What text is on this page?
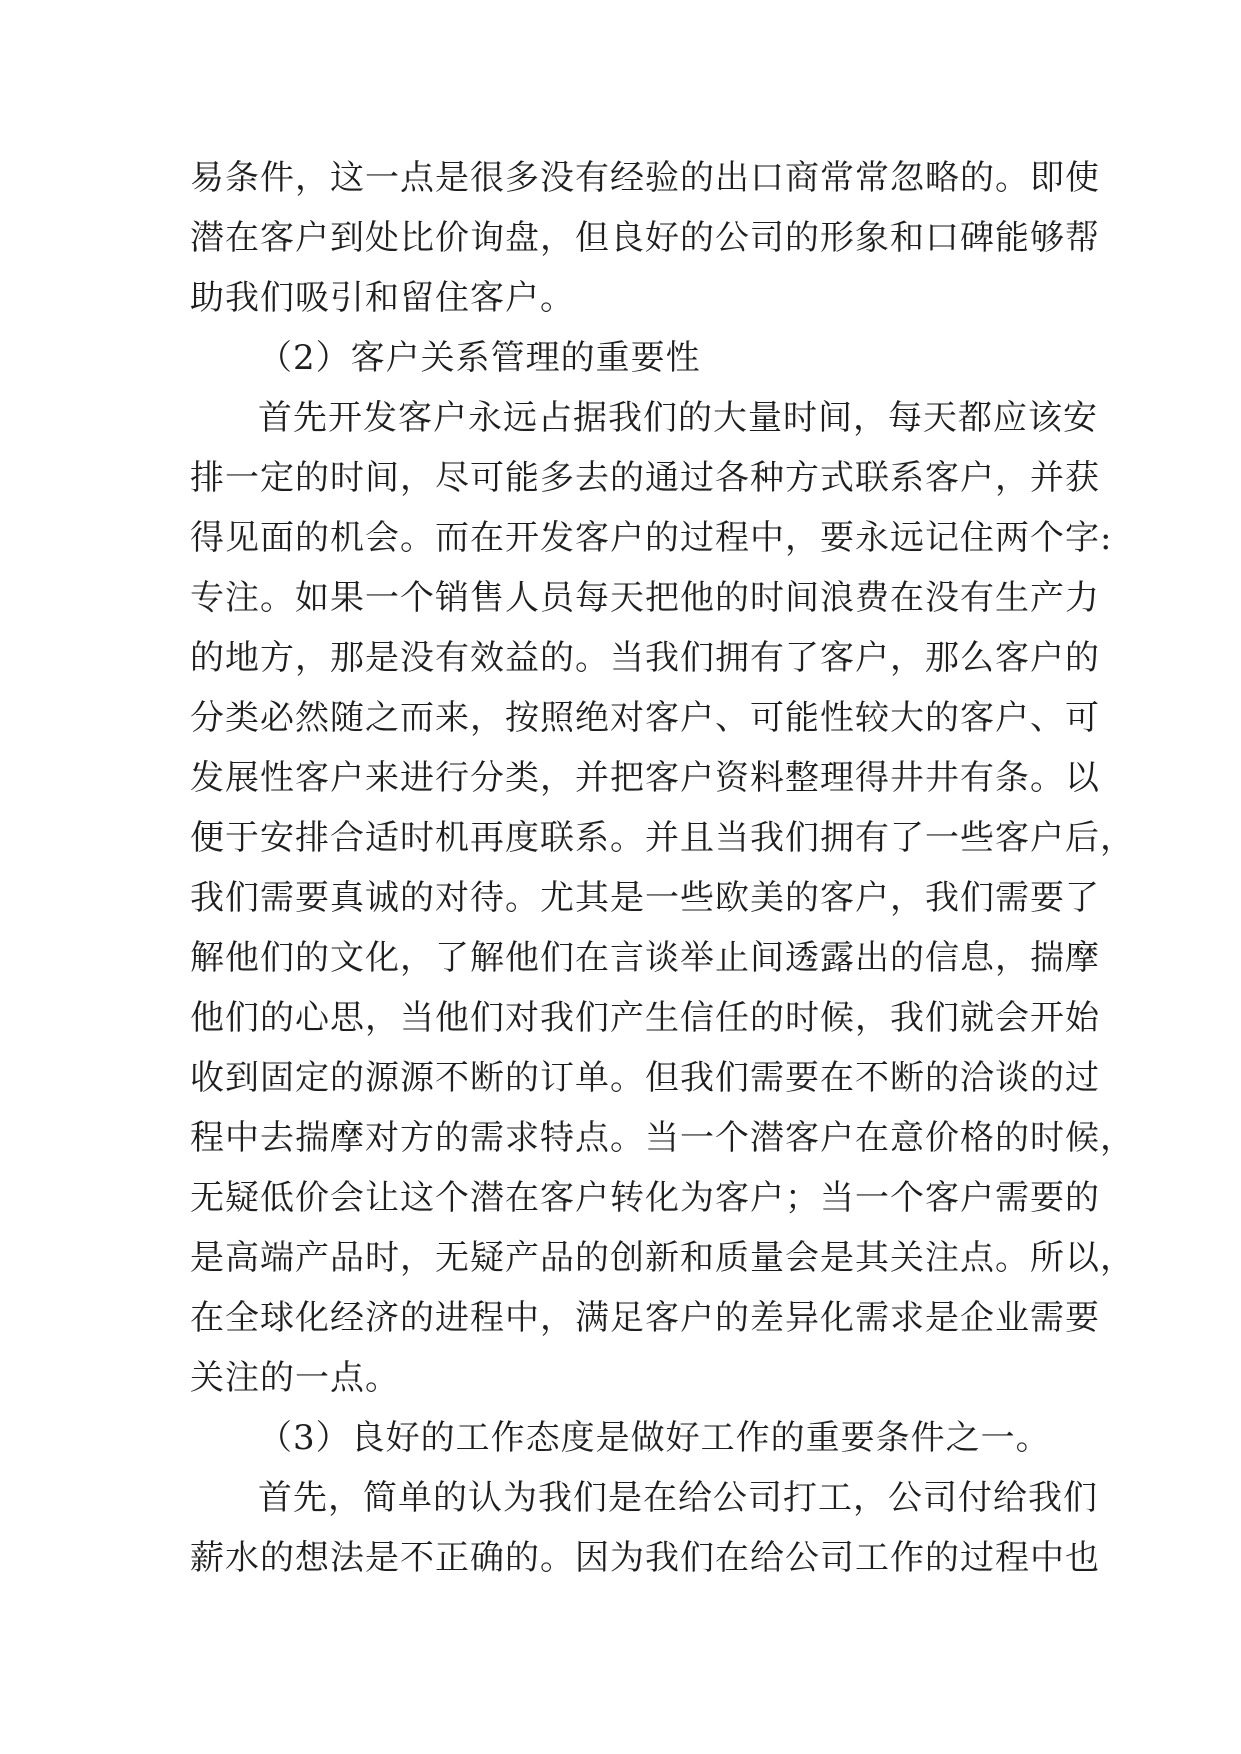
易条件，这一点是很多没有经验的出口商常常忽略的。即使
潜在客户到处比价询盘，但良好的公司的形象和口碑能够帮
助我们吸引和留住客户。
（2）客户关系管理的重要性
首先开发客户永远占据我们的大量时间，每天都应该安
排一定的时间，尽可能多去的通过各种方式联系客户，并获
得见面的机会。而在开发客户的过程中，要永远记住两个字:
专注。如果一个销售人员每天把他的时间浪费在没有生产力
的地方，那是没有效益的。当我们拥有了客户，那么客户的
分类必然随之而来，按照绝对客户、可能性较大的客户、可
发展性客户来进行分类，并把客户资料整理得井井有条。以
便于安排合适时机再度联系。并且当我们拥有了一些客户后，
我们需要真诚的对待。尤其是一些欧美的客户，我们需要了
解他们的文化，了解他们在言谈举止间透露出的信息，揣摩
他们的心思，当他们对我们产生信任的时候，我们就会开始
收到固定的源源不断的订单。但我们需要在不断的洽谈的过
程中去揣摩对方的需求特点。当一个潜客户在意价格的时候，
无疑低价会让这个潜在客户转化为客户；当一个客户需要的
是高端产品时，无疑产品的创新和质量会是其关注点。所以，
在全球化经济的进程中，满足客户的差异化需求是企业需要
关注的一点。
（3）良好的工作态度是做好工作的重要条件之一。
首先，简单的认为我们是在给公司打工，公司付给我们
薪水的想法是不正确的。因为我们在给公司工作的过程中也
